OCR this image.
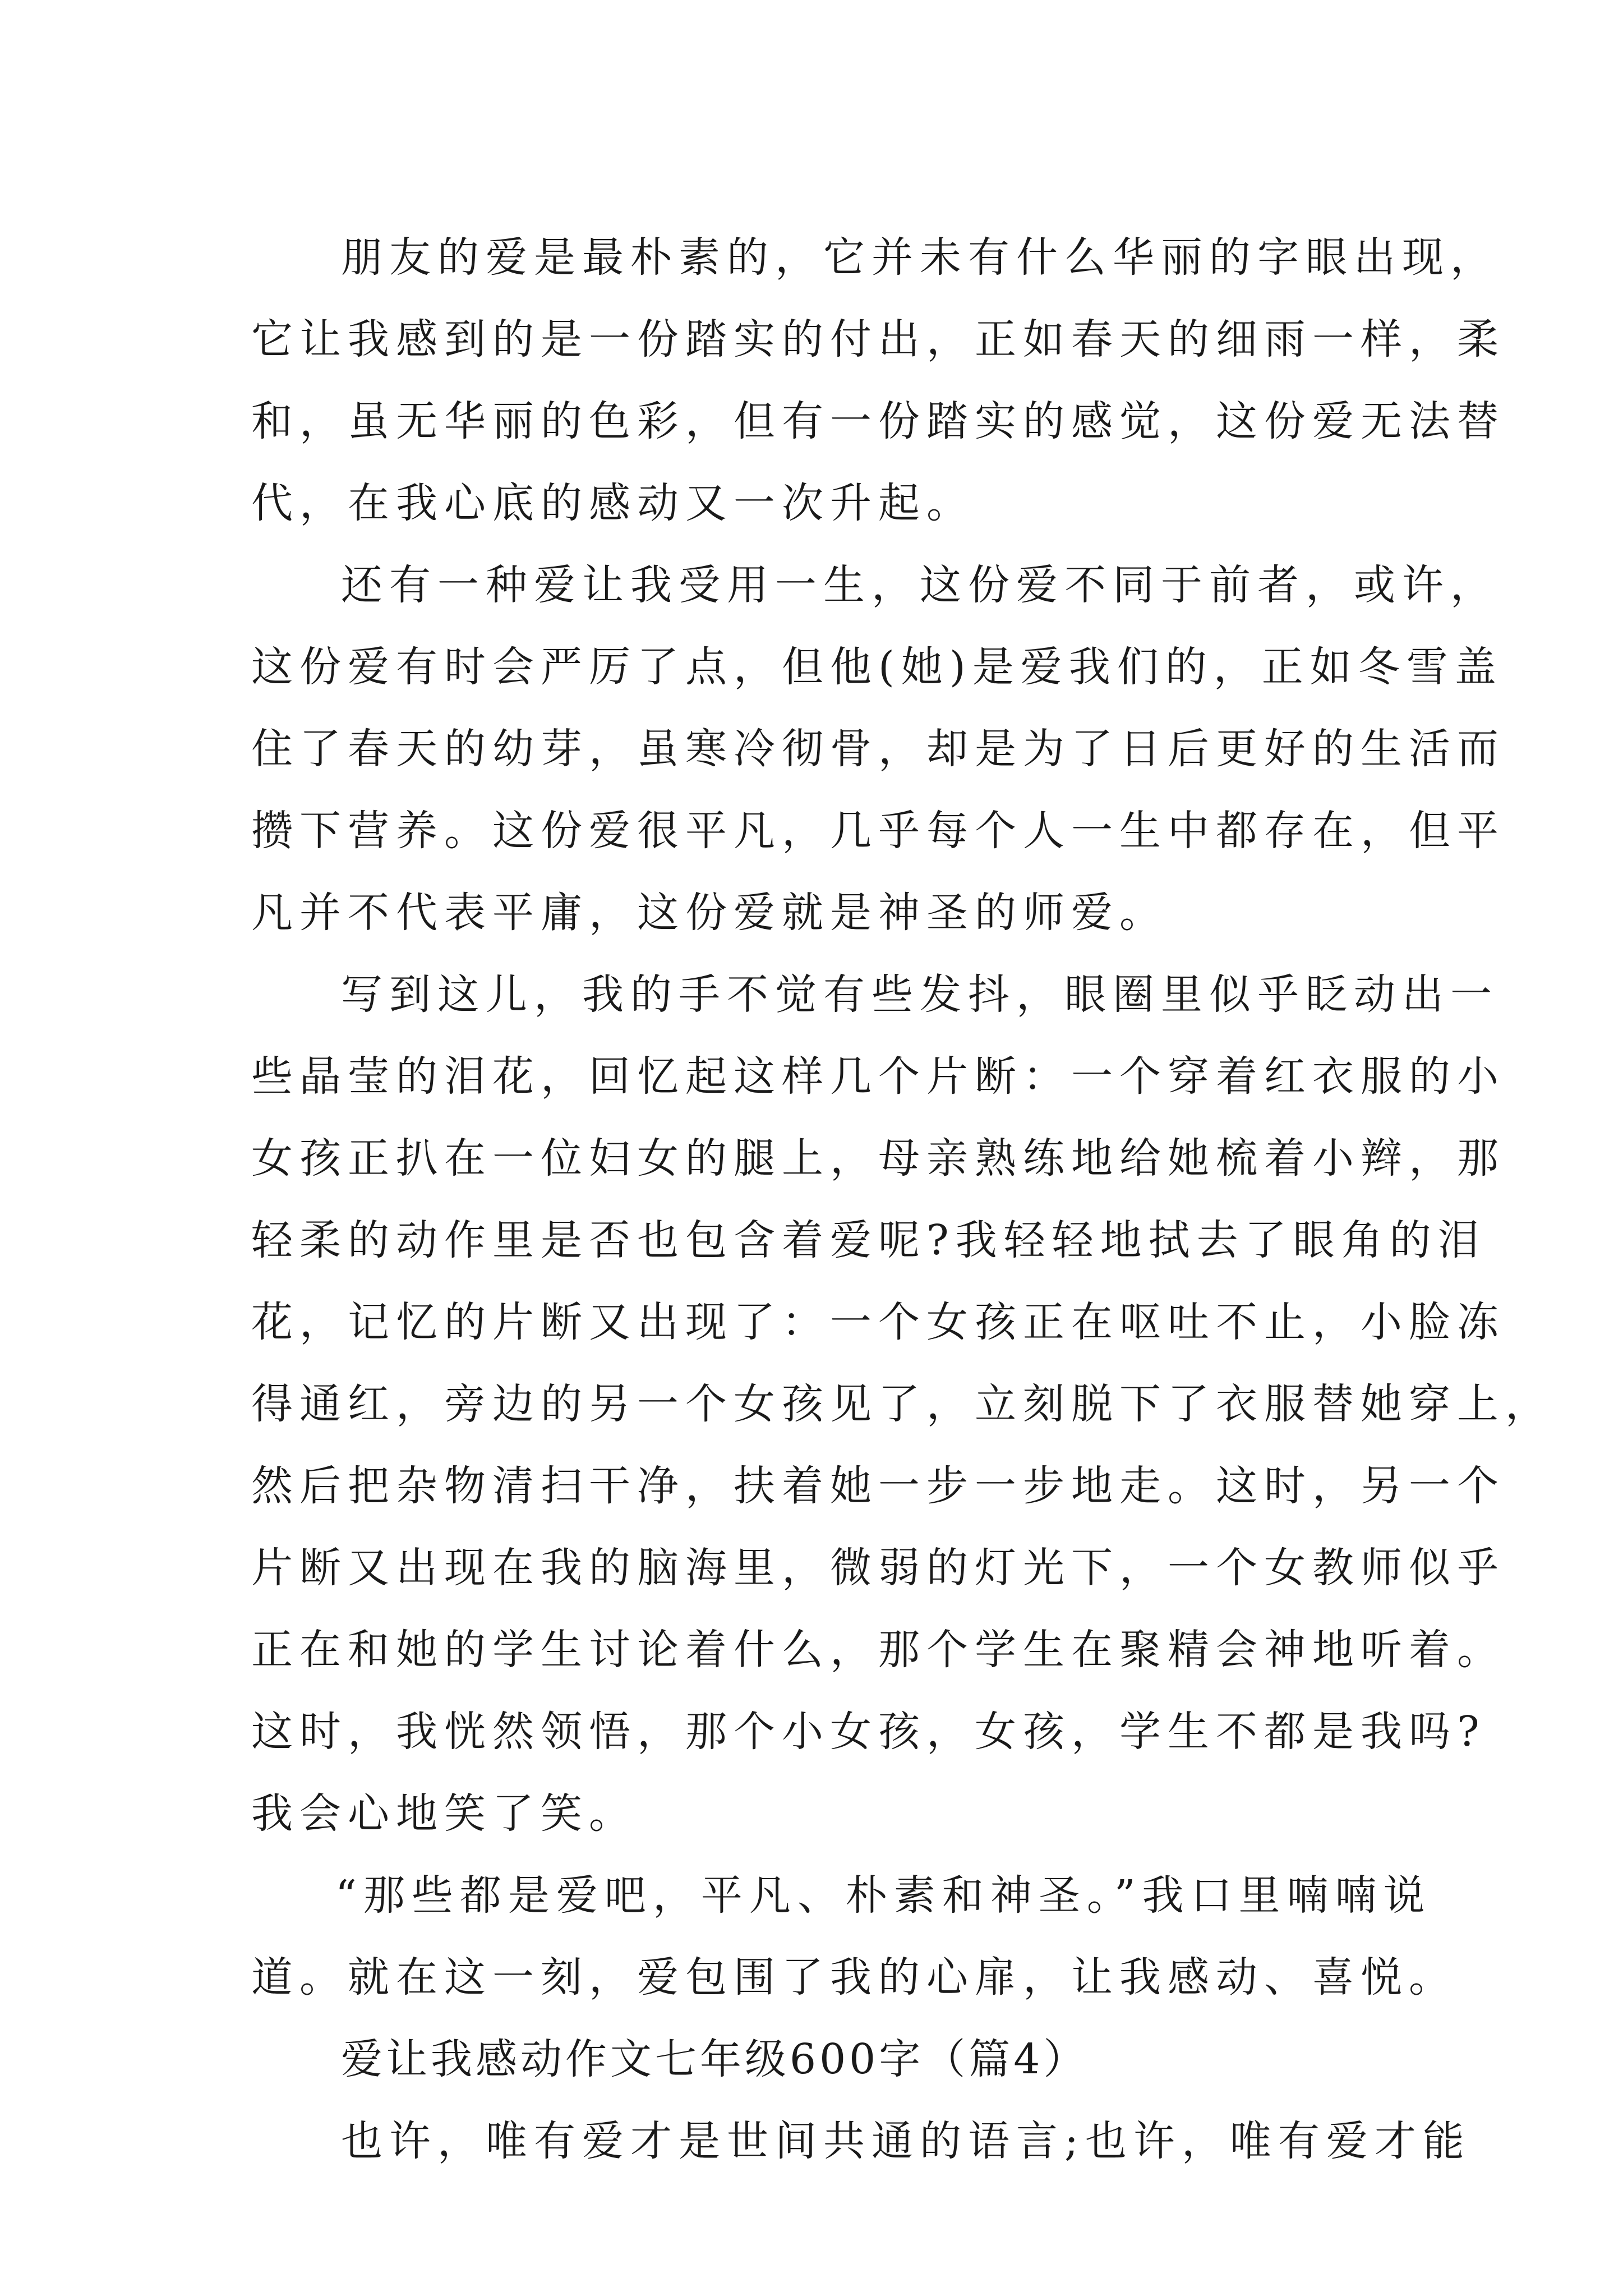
朋友的爱是最朴素的，它并未有什么华丽的字眼出现，
它让我感到的是一份踏实的付出，正如春天的细雨一样，柔
和，虽无华丽的色彩，但有一份踏实的感觉，这份爱无法替
代，在我心底的感动又一次升起。
还有一种爱让我受用一生，这份爱不同于前者，或许，
这份爱有时会严厉了点，但他(她)是爱我们的，正如冬雪盖
住了春天的幼芽，虽寒冷彻骨，却是为了日后更好的生活而
攒下营养。这份爱很平凡，几乎每个人一生中都存在，但平
凡并不代表平庸，这份爱就是神圣的师爱。
写到这儿，我的手不觉有些发抖，眼圈里似乎眨动出一
些晶莹的泪花，回忆起这样几个片断：一个穿着红衣服的小
女孩正扒在一位妇女的腿上，母亲熟练地给她梳着小辫，那
轻柔的动作里是否也包含着爱呢?我轻轻地拭去了眼角的泪
花，记忆的片断又出现了：一个女孩正在呕吐不止，小脸冻
得通红，旁边的另一个女孩见了，立刻脱下了衣服替她穿上，
然后把杂物清扫干净，扶着她一步一步地走。这时，另一个
片断又出现在我的脑海里，微弱的灯光下，一个女教师似乎
正在和她的学生讨论着什么，那个学生在聚精会神地听着。
这时，我恍然领悟，那个小女孩，女孩，学生不都是我吗?
我会心地笑了笑。
“那些都是爱吧，平凡、朴素和神圣。”我口里喃喃说
道。就在这一刻，爱包围了我的心扉，让我感动、喜悦。
爱让我感动作文七年级600字（篇4）
也许，唯有爱才是世间共通的语言;也许，唯有爱才能
